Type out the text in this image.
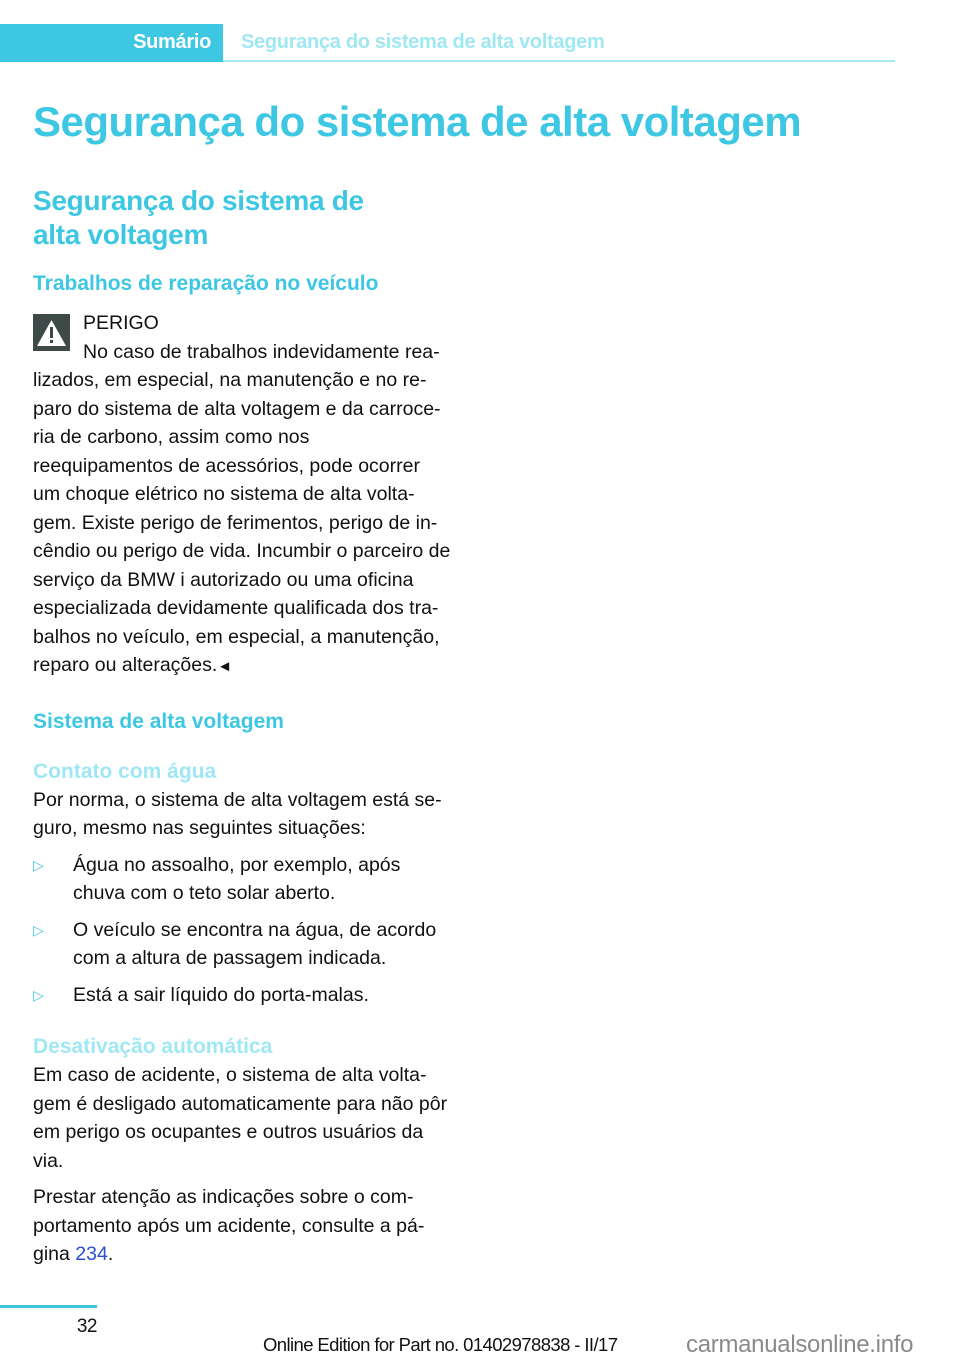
Sumário Segurança do sistema de alta voltagem
Segurança do sistema de alta voltagem
Segurança do sistema de
alta voltagem
Trabalhos de reparação no veículo
PERIGO

No caso de trabalhos indevidamente rea-lizados, em especial, na manutenção e no re-paro do sistema de alta voltagem e da carroce-ria de carbono, assim como nos reequipamentos de acessórios, pode ocorrer um choque elétrico no sistema de alta volta-gem. Existe perigo de ferimentos, perigo de in-cêndio ou perigo de vida. Incumbir o parceiro de serviço da BMW i autorizado ou uma oficina especializada devidamente qualificada dos tra-balhos no veículo, em especial, a manutenção, reparo ou alterações.◄

Sistema de alta voltagem
Contato com água

Por norma, o sistema de alta voltagem está se-guro, mesmo nas seguintes situações:

▷ Água no assoalho, por exemplo, após chuva com o teto solar aberto.
▷ O veículo se encontra na água, de acordo com a altura de passagem indicada.
▷ Está a sair líquido do porta-malas.
Desativação automática

Em caso de acidente, o sistema de alta volta-gem é desligado automaticamente para não pôr em perigo os ocupantes e outros usuários da via.

Prestar atenção as indicações sobre o com-portamento após um acidente, consulte a pá-gina 234.

32
Online Edition for Part no. 01402978838 - II/17	carmanualsonline.info
